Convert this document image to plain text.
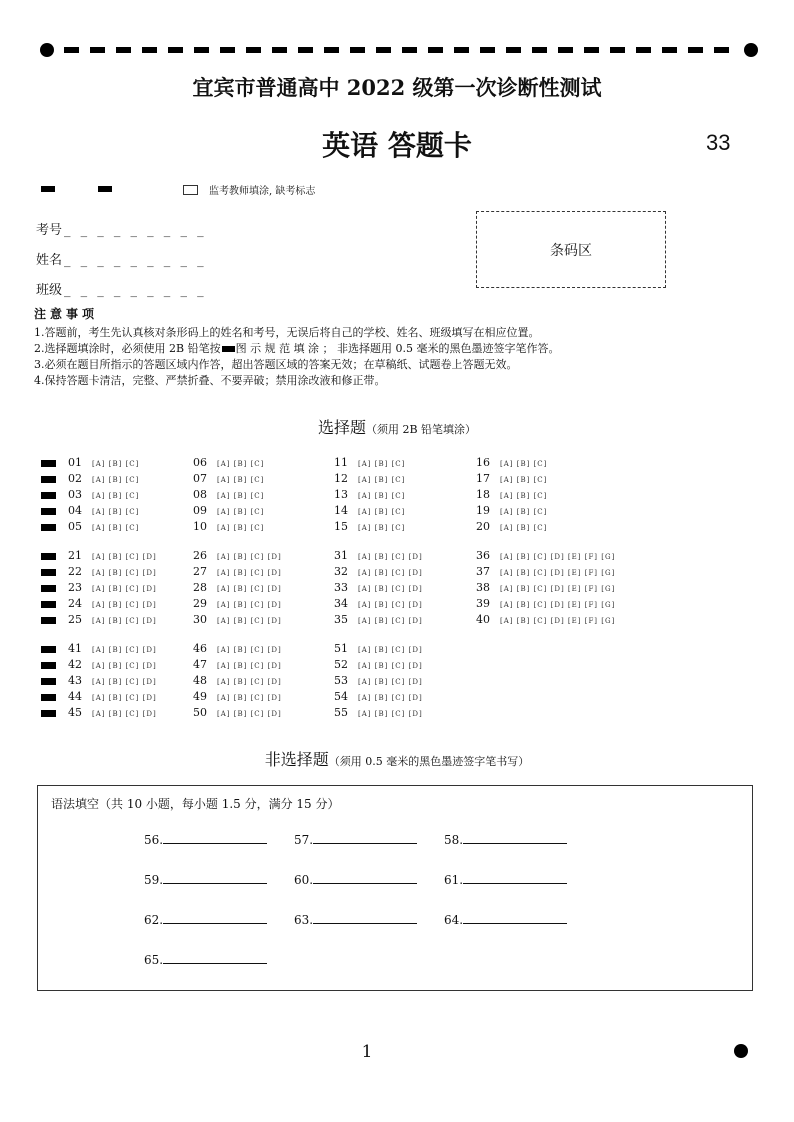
宜宾市普通高中 2022 级第一次诊断性测试
英语 答题卡	33
监考教师填涂, 缺考标志
考号 _ _ _ _ _ _ _ _ _
姓名 _ _ _ _ _ _ _ _ _
班级 _ _ _ _ _ _ _ _ _
条码区
注意事项
1.答题前，考生先认真核对条形码上的姓名和考号，无误后将自己的学校、姓名、班级填写在相应位置。
2.选择题填涂时，必须使用 2B 铅笔按 图 示 规 范 填 涂 ； 非选择题用 0.5 毫米的黑色墨迹签字笔作答。
3.必须在题目所指示的答题区域内作答，超出答题区域的答案无效；在草稿纸、试题卷上答题无效。
4.保持答题卡清洁，完整、严禁折叠、不要弄破；禁用涂改液和修正带。
选择题（须用 2B 铅笔填涂）
01 [A] [B] [C]
02 [A] [B] [C]
03 [A] [B] [C]
04 [A] [B] [C]
05 [A] [B] [C]
06 [A] [B] [C]
07 [A] [B] [C]
08 [A] [B] [C]
09 [A] [B] [C]
10 [A] [B] [C]
11 [A] [B] [C]
12 [A] [B] [C]
13 [A] [B] [C]
14 [A] [B] [C]
15 [A] [B] [C]
16 [A] [B] [C]
17 [A] [B] [C]
18 [A] [B] [C]
19 [A] [B] [C]
20 [A] [B] [C]
21 [A] [B] [C] [D]
22 [A] [B] [C] [D]
23 [A] [B] [C] [D]
24 [A] [B] [C] [D]
25 [A] [B] [C] [D]
26 [A] [B] [C] [D]
27 [A] [B] [C] [D]
28 [A] [B] [C] [D]
29 [A] [B] [C] [D]
30 [A] [B] [C] [D]
31 [A] [B] [C] [D]
32 [A] [B] [C] [D]
33 [A] [B] [C] [D]
34 [A] [B] [C] [D]
35 [A] [B] [C] [D]
36 [A] [B] [C] [D] [E] [F] [G]
37 [A] [B] [C] [D] [E] [F] [G]
38 [A] [B] [C] [D] [E] [F] [G]
39 [A] [B] [C] [D] [E] [F] [G]
40 [A] [B] [C] [D] [E] [F] [G]
41 [A] [B] [C] [D]
42 [A] [B] [C] [D]
43 [A] [B] [C] [D]
44 [A] [B] [C] [D]
45 [A] [B] [C] [D]
46 [A] [B] [C] [D]
47 [A] [B] [C] [D]
48 [A] [B] [C] [D]
49 [A] [B] [C] [D]
50 [A] [B] [C] [D]
51 [A] [B] [C] [D]
52 [A] [B] [C] [D]
53 [A] [B] [C] [D]
54 [A] [B] [C] [D]
55 [A] [B] [C] [D]
非选择题（须用 0.5 毫米的黑色墨迹签字笔书写）
语法填空（共 10 小题，每小题 1.5 分，满分 15 分）
56.	57.	58.
59.	60.	61.
62.	63.	64.
65.
1
